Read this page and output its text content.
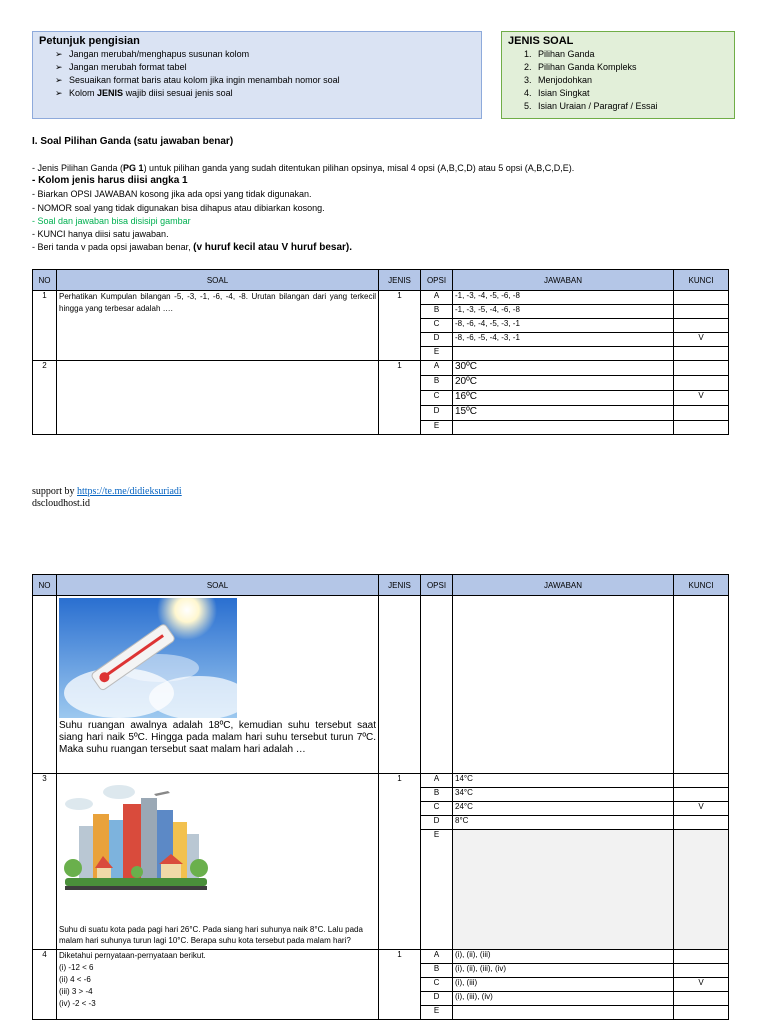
Petunjuk pengisian
➢ Jangan merubah/menghapus susunan kolom
➢ Jangan merubah format tabel
➢ Sesuaikan format baris atau kolom jika ingin menambah nomor soal
➢ Kolom JENIS wajib diisi sesuai jenis soal
JENIS SOAL
1. Pilihan Ganda
2. Pilihan Ganda Kompleks
3. Menjodohkan
4. Isian Singkat
5. Isian Uraian / Paragraf / Essai
I. Soal Pilihan Ganda (satu jawaban benar)
- Jenis Pilihan Ganda (PG 1) untuk pilihan ganda yang sudah ditentukan pilihan opsinya, misal 4 opsi (A,B,C,D) atau 5 opsi (A,B,C,D,E).
- Kolom jenis harus diisi angka 1
- Biarkan OPSI JAWABAN kosong jika ada opsi yang tidak digunakan.
- NOMOR soal yang tidak digunakan bisa dihapus atau dibiarkan kosong.
- Soal dan jawaban bisa disisipi gambar
- KUNCI hanya diisi satu jawaban.
- Beri tanda v pada opsi jawaban benar, (v huruf kecil atau V huruf besar).
NO	SOAL	JENIS	OPSI	JAWABAN	KUNCI
1	Perhatikan Kumpulan bilangan -5, -3, -1, -6, -4, -8. Urutan bilangan dari yang terkecil hingga yang terbesar adalah ….	1	A	-1, -3, -4, -5, -6, -8	
			B	-1, -3, -5, -4, -6, -8	
			C	-8, -6, -4, -5, -3, -1	
			D	-8, -6, -5, -4, -3, -1	V
			E		
2		1	A	30ºC	
			B	20ºC	
			C	16ºC	V
			D	15ºC	
			E		
support by https://te.me/didieksuriadi
dscloudhost.id
NO	SOAL	JENIS	OPSI	JAWABAN	KUNCI

	Suhu ruangan awalnya adalah 18ºC, kemudian suhu tersebut saat siang hari naik 5ºC. Hingga pada malam hari suhu tersebut turun 7ºC. Maka suhu ruangan tersebut saat malam hari adalah …				

3	Suhu di suatu kota pada pagi hari 26°C. Pada siang hari suhunya naik 8°C. Lalu pada malam hari suhunya turun lagi 10°C. Berapa suhu kota tersebut pada malam hari?	1	A	14°C	
			B	34°C	
			C	24°C	V
			D	8°C	
			E		
4	Diketahui pernyataan-pernyataan berikut.
(i) -12 < 6
(ii) 4 < -6
(iii) 3 > -4
(iv) -2 < -3	1	A	(i), (ii), (iii)	
			B	(i), (ii), (iii), (iv)	
			C	(i), (iii)	V
			D	(i), (iii), (iv)	
			E		
